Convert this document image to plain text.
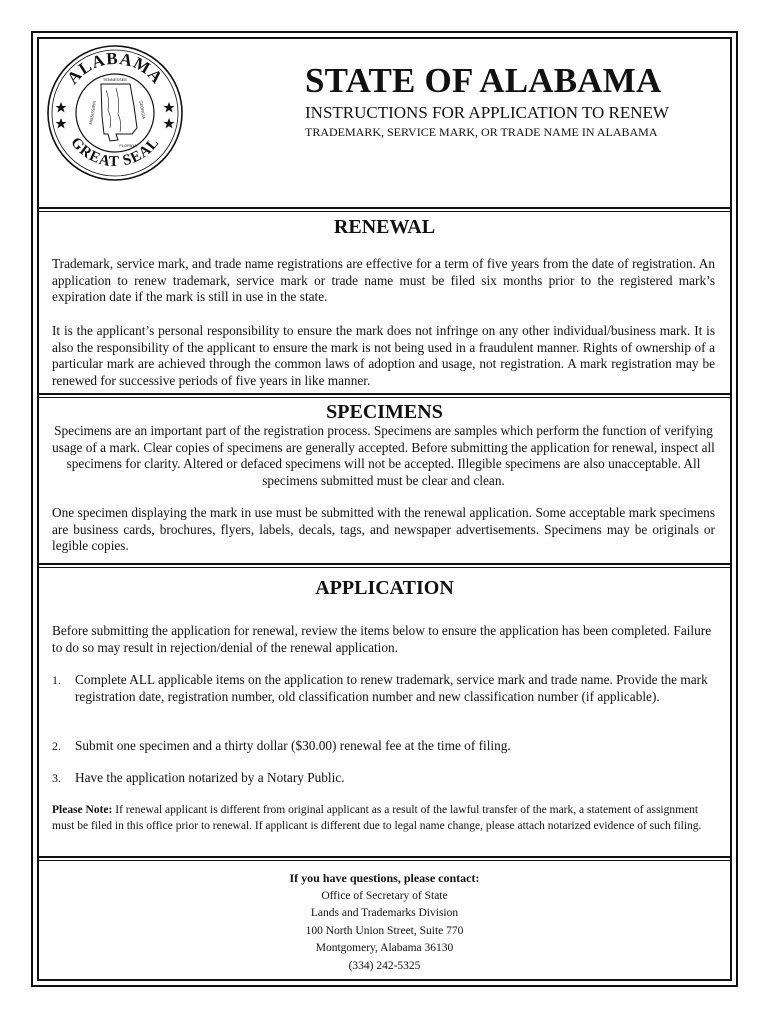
ALABAMA
GREAT SEAL
TENNESSEE
MISSISSIPPI	GEORGIA
FLORIDA
STATE OF ALABAMA
INSTRUCTIONS FOR APPLICATION TO RENEW
TRADEMARK, SERVICE MARK, OR TRADE NAME IN ALABAMA
RENEWAL
Trademark, service mark, and trade name registrations are effective for a term of five years from the date of registration. An application to renew trademark, service mark or trade name must be filed six months prior to the registered mark’s expiration date if the mark is still in use in the state.
It is the applicant’s personal responsibility to ensure the mark does not infringe on any other individual/business mark. It is also the responsibility of the applicant to ensure the mark is not being used in a fraudulent manner. Rights of ownership of a particular mark are achieved through the common laws of adoption and usage, not registration. A mark registration may be renewed for successive periods of five years in like manner.
SPECIMENS
Specimens are an important part of the registration process. Specimens are samples which perform the function of verifying usage of a mark. Clear copies of specimens are generally accepted. Before submitting the application for renewal, inspect all specimens for clarity. Altered or defaced specimens will not be accepted. Illegible specimens are also unacceptable. All specimens submitted must be clear and clean.
One specimen displaying the mark in use must be submitted with the renewal application. Some acceptable mark specimens are business cards, brochures, flyers, labels, decals, tags, and newspaper advertisements. Specimens may be originals or legible copies.
APPLICATION
Before submitting the application for renewal, review the items below to ensure the application has been completed. Failure to do so may result in rejection/denial of the renewal application.
1. Complete ALL applicable items on the application to renew trademark, service mark and trade name. Provide the mark registration date, registration number, old classification number and new classification number (if applicable).
2. Submit one specimen and a thirty dollar ($30.00) renewal fee at the time of filing.
3. Have the application notarized by a Notary Public.
Please Note: If renewal applicant is different from original applicant as a result of the lawful transfer of the mark, a statement of assignment must be filed in this office prior to renewal. If applicant is different due to legal name change, please attach notarized evidence of such filing.
If you have questions, please contact:
Office of Secretary of State
Lands and Trademarks Division
100 North Union Street, Suite 770
Montgomery, Alabama 36130
(334) 242-5325
